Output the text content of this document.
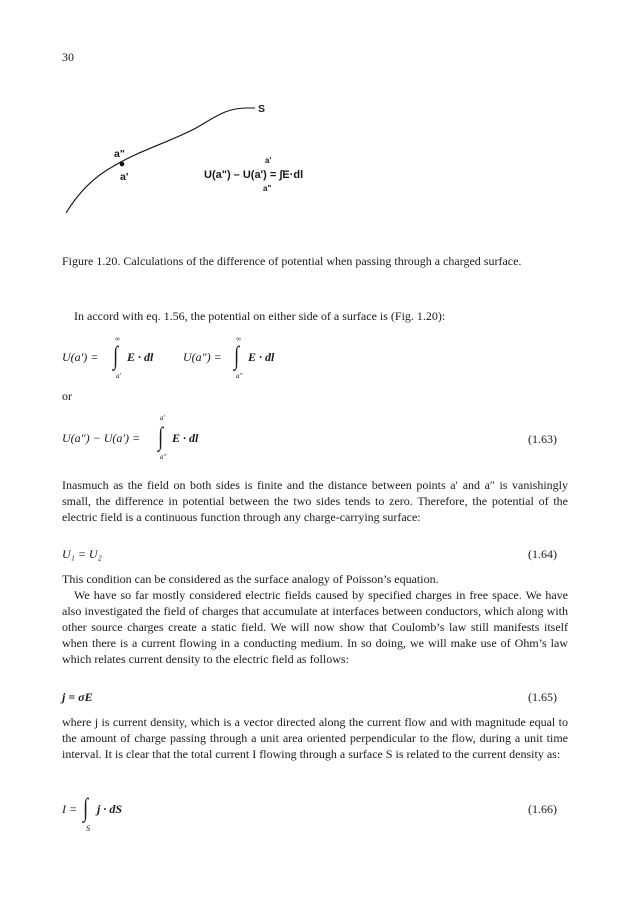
30
S
a"
a'
a'
U(a") – U(a') = ∫E·dl
a"
Figure 1.20. Calculations of the difference of potential when passing through a charged surface.
In accord with eq. 1.56, the potential on either side of a surface is (Fig. 1.20):
U(a′) =
∞
∫
a′
E · dl U(a″) =
∞
∫
a″
E · dl
or
U(a″) − U(a′) =
a′
∫
a″
E · dl	(1.63)
Inasmuch as the field on both sides is finite and the distance between points a′ and a″ is vanishingly small, the difference in potential between the two sides tends to zero. Therefore, the potential of the electric field is a continuous function through any charge-carrying surface:
U₁ = U₂	(1.64)
This condition can be considered as the surface analogy of Poisson’s equation.
We have so far mostly considered electric fields caused by specified charges in free space. We have also investigated the field of charges that accumulate at interfaces between conductors, which along with other source charges create a static field. We will now show that Coulomb’s law still manifests itself when there is a current flowing in a conducting medium. In so doing, we will make use of Ohm’s law which relates current density to the electric field as follows:
j = σE	(1.65)
where j is current density, which is a vector directed along the current flow and with magnitude equal to the amount of charge passing through a unit area oriented perpendicular to the flow, during a unit time interval. It is clear that the total current I flowing through a surface S is related to the current density as:
I = ∫
S
j · dS	(1.66)
